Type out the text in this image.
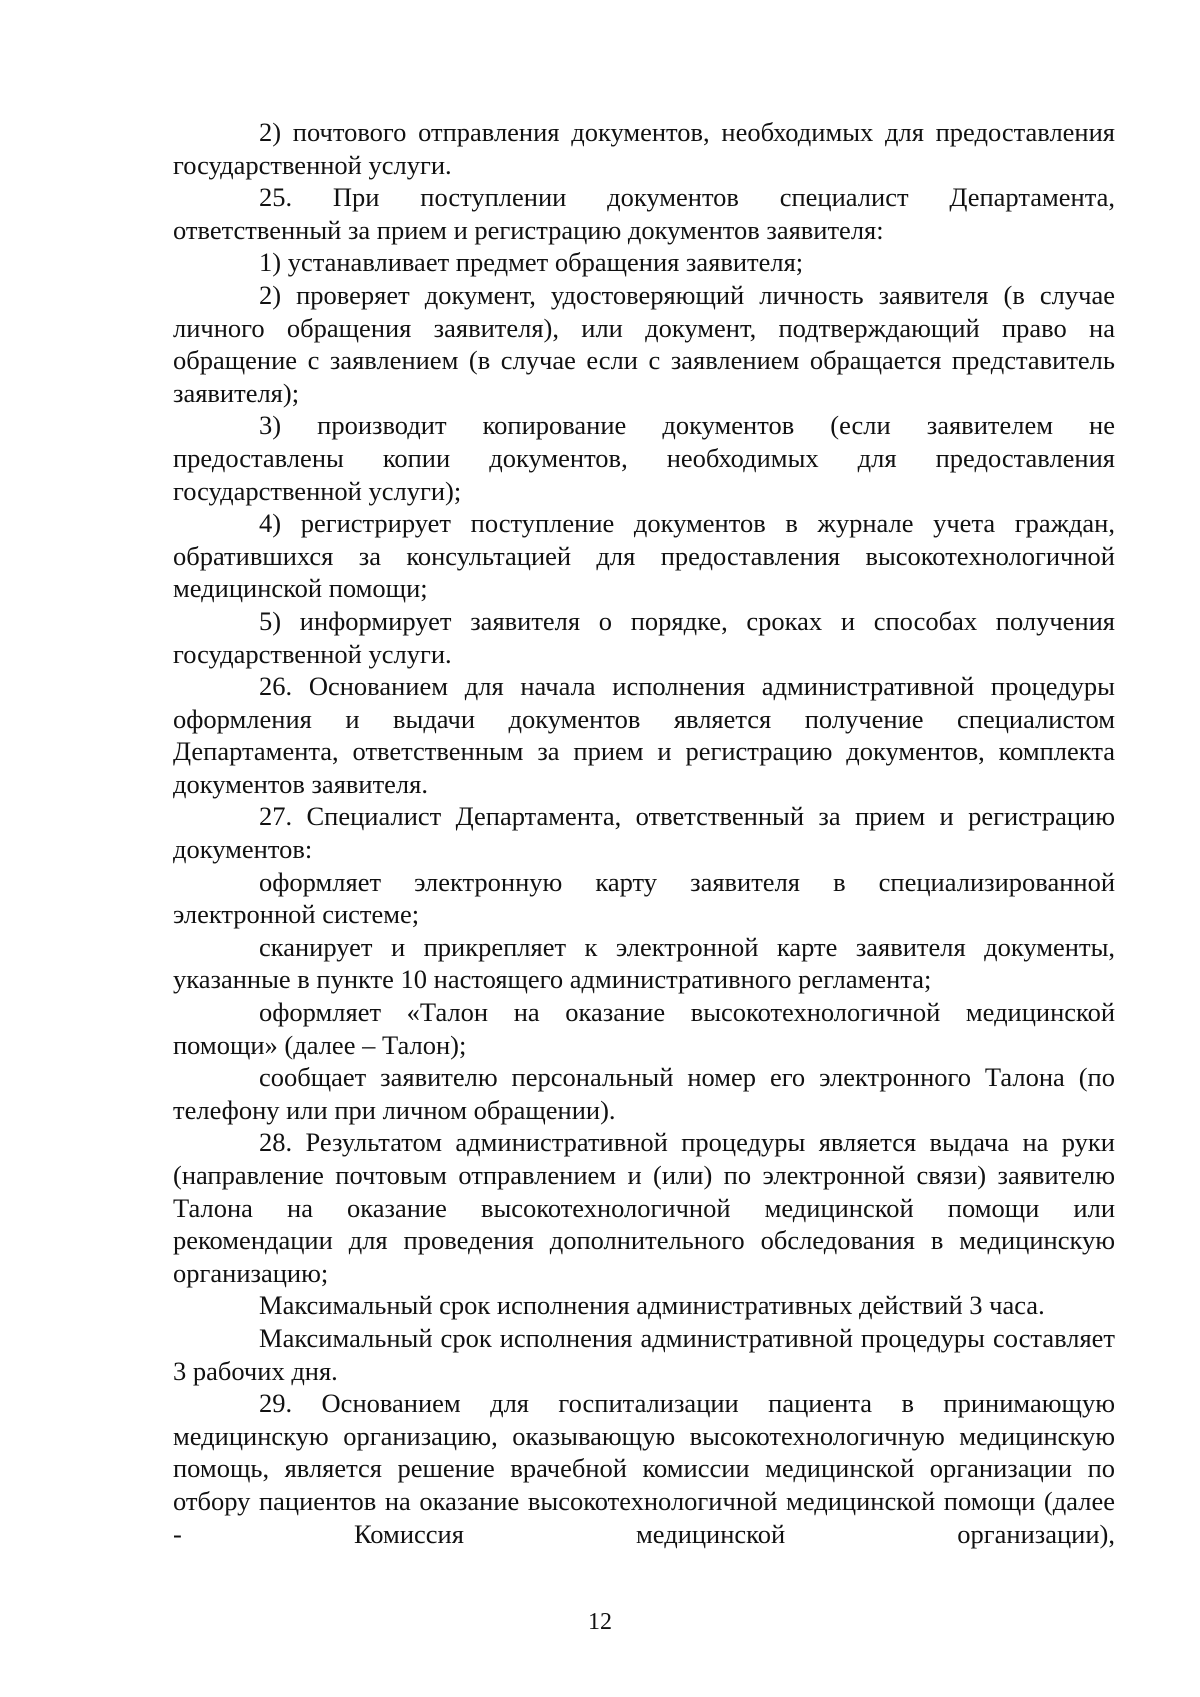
2) почтового отправления документов, необходимых для предоставления государственной услуги.

25. При поступлении документов специалист Департамента, ответственный за прием и регистрацию документов заявителя:

1) устанавливает предмет обращения заявителя;

2) проверяет документ, удостоверяющий личность заявителя (в случае личного обращения заявителя), или документ, подтверждающий право на обращение с заявлением (в случае если с заявлением обращается представитель заявителя);

3) производит копирование документов (если заявителем не предоставлены копии документов, необходимых для предоставления государственной услуги);

4) регистрирует поступление документов в журнале учета граждан, обратившихся за консультацией для предоставления высокотехнологичной медицинской помощи;

5) информирует заявителя о порядке, сроках и способах получения государственной услуги.

26. Основанием для начала исполнения административной процедуры оформления и выдачи документов является получение специалистом Департамента, ответственным за прием и регистрацию документов, комплекта документов заявителя.

27. Специалист Департамента, ответственный за прием и регистрацию документов:

оформляет электронную карту заявителя в специализированной электронной системе;

сканирует и прикрепляет к электронной карте заявителя документы, указанные в пункте 10 настоящего административного регламента;

оформляет «Талон на оказание высокотехнологичной медицинской помощи» (далее – Талон);

сообщает заявителю персональный номер его электронного Талона (по телефону или при личном обращении).

28. Результатом административной процедуры является выдача на руки (направление почтовым отправлением и (или) по электронной связи) заявителю Талона на оказание высокотехнологичной медицинской помощи или рекомендации для проведения дополнительного обследования в медицинскую организацию;

Максимальный срок исполнения административных действий 3 часа.

Максимальный срок исполнения административной процедуры составляет 3 рабочих дня.

29. Основанием для госпитализации пациента в принимающую медицинскую организацию, оказывающую высокотехнологичную медицинскую помощь, является решение врачебной комиссии медицинской организации по отбору пациентов на оказание высокотехнологичной медицинской помощи (далее - Комиссия медицинской организации),

12
